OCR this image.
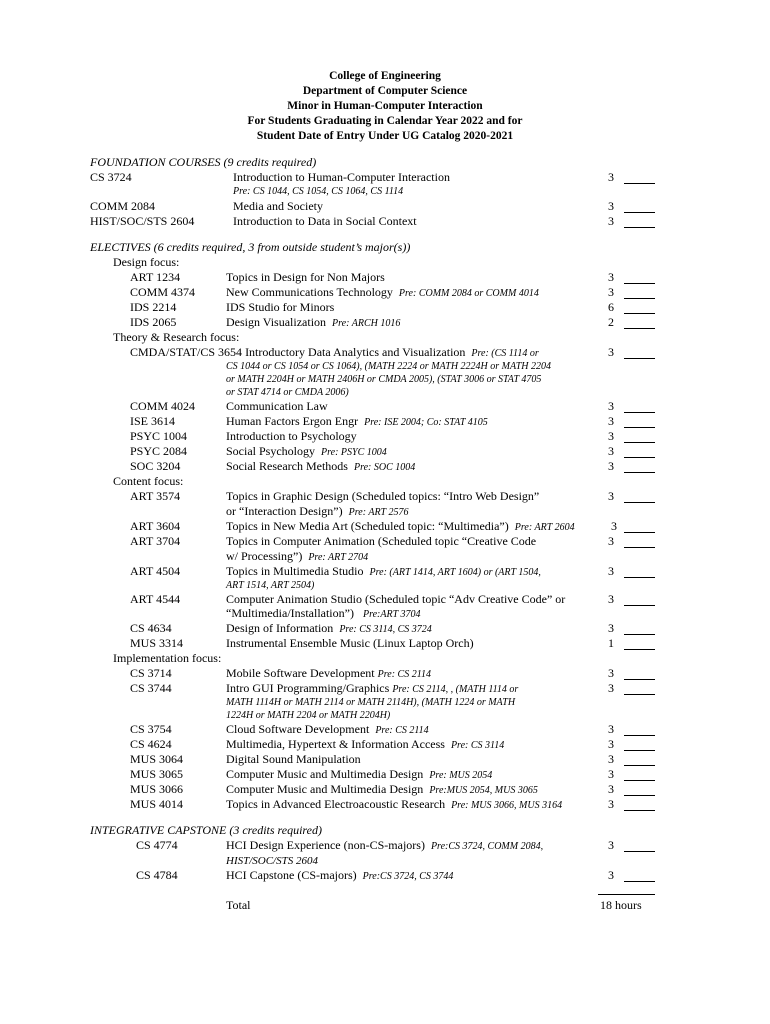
College of Engineering
Department of Computer Science
Minor in Human-Computer Interaction
For Students Graduating in Calendar Year 2022 and for
Student Date of Entry Under UG Catalog 2020-2021
FOUNDATION COURSES (9 credits required)
CS 3724	Introduction to Human-Computer Interaction	3
Pre: CS 1044, CS 1054, CS 1064, CS 1114
COMM 2084	Media and Society	3
HIST/SOC/STS 2604	Introduction to Data in Social Context	3
ELECTIVES (6 credits required, 3 from outside student’s major(s))
Design focus:
ART 1234	Topics in Design for Non Majors	3
COMM 4374	New Communications Technology Pre: COMM 2084 or COMM 4014	3
IDS 2214	IDS Studio for Minors	6
IDS 2065	Design Visualization Pre: ARCH 1016	2
Theory & Research focus:
CMDA/STAT/CS 3654 Introductory Data Analytics and Visualization Pre: (CS 1114 or	3
CS 1044 or CS 1054 or CS 1064), (MATH 2224 or MATH 2224H or MATH 2204
or MATH 2204H or MATH 2406H or CMDA 2005), (STAT 3006 or STAT 4705
or STAT 4714 or CMDA 2006)
COMM 4024	Communication Law	3
ISE 3614	Human Factors Ergon Engr Pre: ISE 2004; Co: STAT 4105	3
PSYC 1004	Introduction to Psychology	3
PSYC 2084	Social Psychology Pre: PSYC 1004	3
SOC 3204	Social Research Methods Pre: SOC 1004	3
Content focus:
ART 3574	Topics in Graphic Design (Scheduled topics: “Intro Web Design”	3
or “Interaction Design”) Pre: ART 2576
ART 3604	Topics in New Media Art (Scheduled topic: “Multimedia”) Pre: ART 2604	3
ART 3704	Topics in Computer Animation (Scheduled topic “Creative Code	3
w/ Processing”) Pre: ART 2704
ART 4504	Topics in Multimedia Studio Pre: (ART 1414, ART 1604) or (ART 1504,	3
ART 1514, ART 2504)
ART 4544	Computer Animation Studio (Scheduled topic “Adv Creative Code” or	3
“Multimedia/Installation”) Pre:ART 3704
CS 4634	Design of Information Pre: CS 3114, CS 3724	3
MUS 3314	Instrumental Ensemble Music (Linux Laptop Orch)	1
Implementation focus:
CS 3714	Mobile Software Development Pre: CS 2114	3
CS 3744	Intro GUI Programming/Graphics Pre: CS 2114, , (MATH 1114 or	3
MATH 1114H or MATH 2114 or MATH 2114H), (MATH 1224 or MATH
1224H or MATH 2204 or MATH 2204H)
CS 3754	Cloud Software Development Pre: CS 2114	3
CS 4624	Multimedia, Hypertext & Information Access Pre: CS 3114	3
MUS 3064	Digital Sound Manipulation	3
MUS 3065	Computer Music and Multimedia Design Pre: MUS 2054	3
MUS 3066	Computer Music and Multimedia Design Pre:MUS 2054, MUS 3065	3
MUS 4014	Topics in Advanced Electroacoustic Research Pre: MUS 3066, MUS 3164	3
INTEGRATIVE CAPSTONE (3 credits required)
CS 4774	HCI Design Experience (non-CS-majors) Pre:CS 3724, COMM 2084,	3
HIST/SOC/STS 2604
CS 4784	HCI Capstone (CS-majors) Pre:CS 3724, CS 3744	3
Total	18 hours
